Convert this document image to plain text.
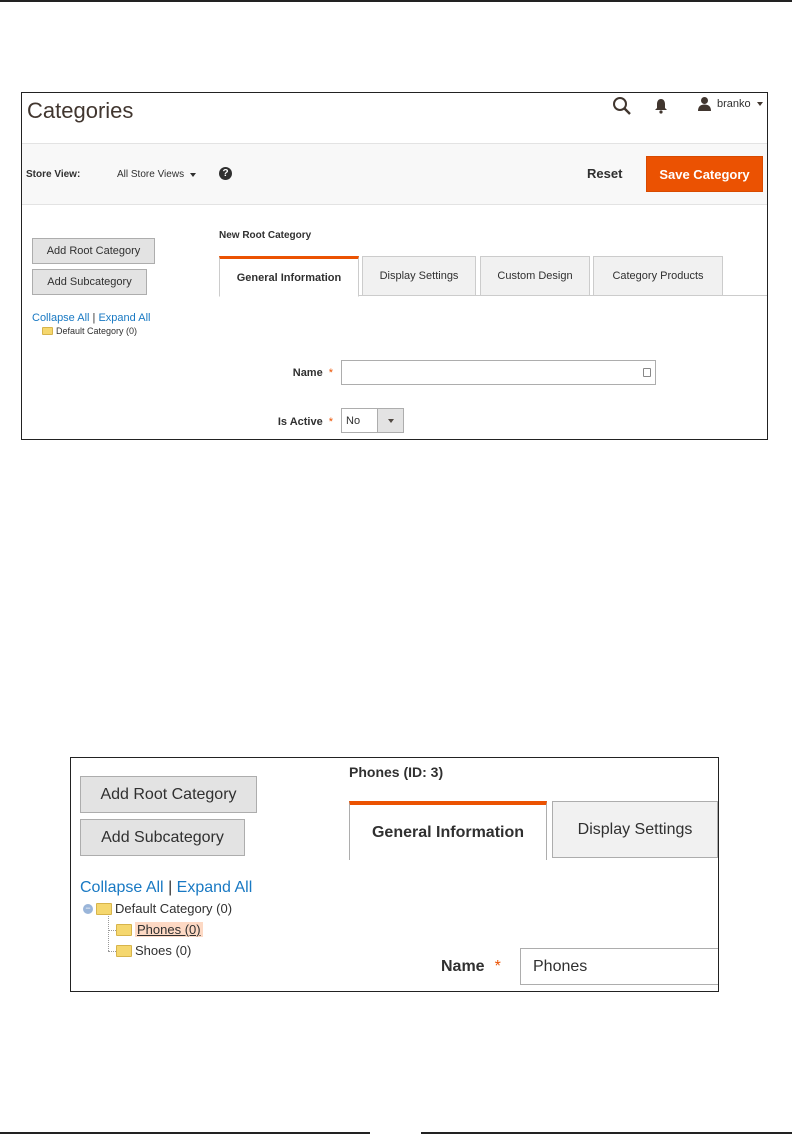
Categories	branko
Store View:	All Store Views	?	Reset	Save Category
Add Root Category
Add Subcategory
Collapse All | Expand All
Default Category (0)
New Root Category
General Information	Display Settings	Custom Design	Category Products
Name *
Is Active *	No
Phones (ID: 3)
Add Root Category
Add Subcategory	General Information	Display Settings
Collapse All | Expand All
− Default Category (0)
Phones (0)
Shoes (0)
Name *	Phones
